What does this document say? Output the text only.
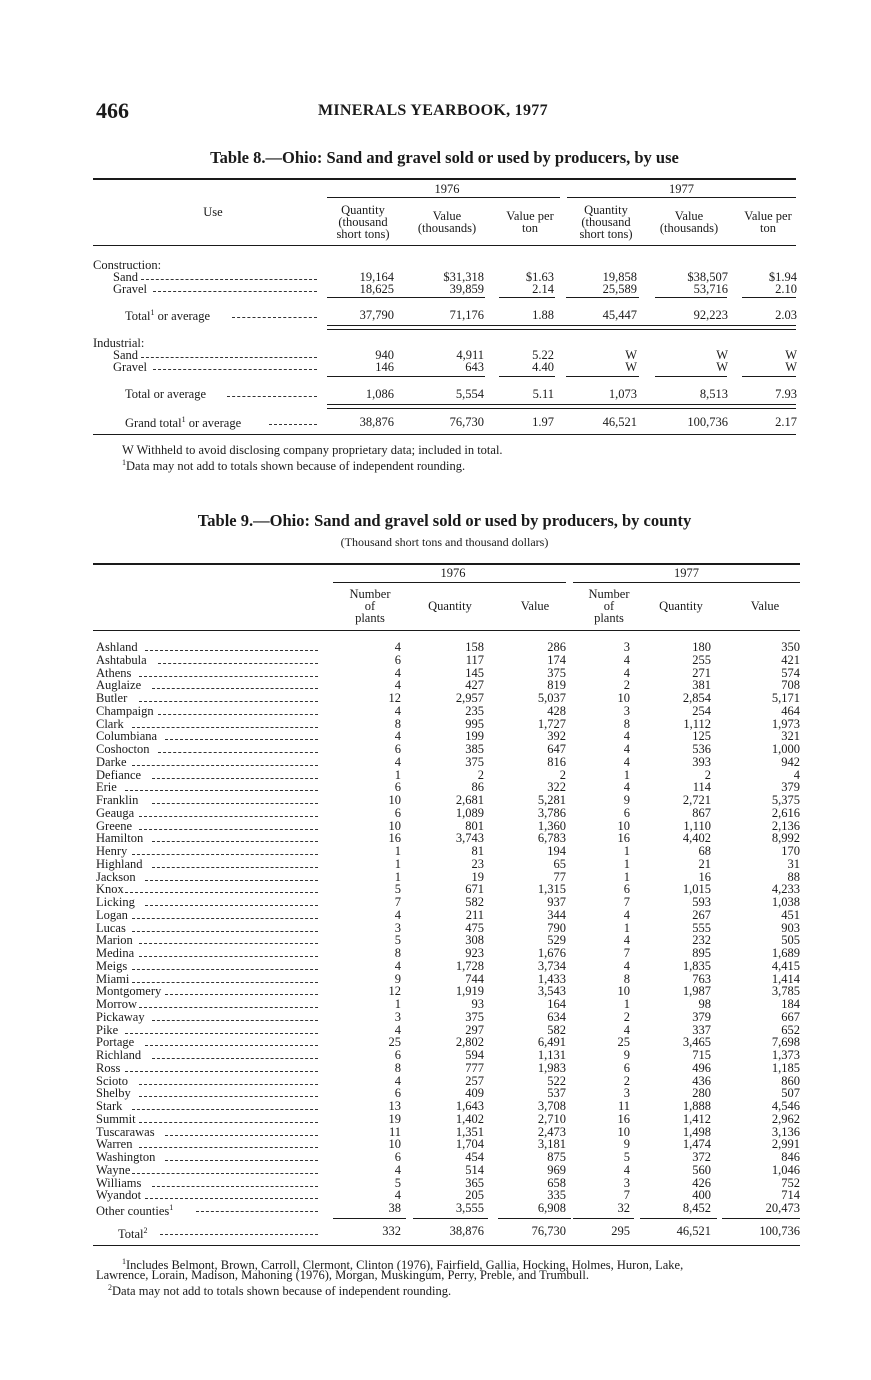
466	MINERALS YEARBOOK, 1977
Table 8.—Ohio: Sand and gravel sold or used by producers, by use
1976	1977
Use	Quantity
(thousand
short tons)
Value
(thousands)
Value per
ton
Quantity
(thousand
short tons)
Value
(thousands)
Value per
ton
Construction:
Sand	19,164	$31,318	$1.63	19,858	$38,507	$1.94
Gravel	18,625	39,859	2.14	25,589	53,716	2.10
Total$^1$ or average	37,790	71,176	1.88	45,447	92,223	2.03
Industrial:
Sand	940	4,911	5.22	W	W	W
Gravel	146	643	4.40	W	W	W
Total or average	1,086	5,554	5.11	1,073	8,513	7.93
Grand total$^1$ or average	38,876	76,730	1.97	46,521	100,736	2.17
W Withheld to avoid disclosing company proprietary data; included in total.
$^1$Data may not add to totals shown because of independent rounding.
Table 9.—Ohio: Sand and gravel sold or used by producers, by county
(Thousand short tons and thousand dollars)
1976	1977
Number
of
plants
Quantity	Value
Number
of
plants
Quantity	Value
Ashland	4	158	286	3	180	350
Ashtabula	6	117	174	4	255	421
Athens	4	145	375	4	271	574
Auglaize	4	427	819	2	381	708
Butler	12	2,957	5,037	10	2,854	5,171
Champaign	4	235	428	3	254	464
Clark	8	995	1,727	8	1,112	1,973
Columbiana	4	199	392	4	125	321
Coshocton	6	385	647	4	536	1,000
Darke	4	375	816	4	393	942
Defiance	1	2	2	1	2	4
Erie	6	86	322	4	114	379
Franklin	10	2,681	5,281	9	2,721	5,375
Geauga	6	1,089	3,786	6	867	2,616
Greene	10	801	1,360	10	1,110	2,136
Hamilton	16	3,743	6,783	16	4,402	8,992
Henry	1	81	194	1	68	170
Highland	1	23	65	1	21	31
Jackson	1	19	77	1	16	88
Knox	5	671	1,315	6	1,015	4,233
Licking	7	582	937	7	593	1,038
Logan	4	211	344	4	267	451
Lucas	3	475	790	1	555	903
Marion	5	308	529	4	232	505
Medina	8	923	1,676	7	895	1,689
Meigs	4	1,728	3,734	4	1,835	4,415
Miami	9	744	1,433	8	763	1,414
Montgomery	12	1,919	3,543	10	1,987	3,785
Morrow	1	93	164	1	98	184
Pickaway	3	375	634	2	379	667
Pike	4	297	582	4	337	652
Portage	25	2,802	6,491	25	3,465	7,698
Richland	6	594	1,131	9	715	1,373
Ross	8	777	1,983	6	496	1,185
Scioto	4	257	522	2	436	860
Shelby	6	409	537	3	280	507
Stark	13	1,643	3,708	11	1,888	4,546
Summit	19	1,402	2,710	16	1,412	2,962
Tuscarawas	11	1,351	2,473	10	1,498	3,136
Warren	10	1,704	3,181	9	1,474	2,991
Washington	6	454	875	5	372	846
Wayne	4	514	969	4	560	1,046
Williams	5	365	658	3	426	752
Wyandot	4	205	335	7	400	714
Other counties$^1$	38	3,555	6,908	32	8,452	20,473
Total$^2$	332	38,876	76,730	295	46,521	100,736
$^1$Includes Belmont, Brown, Carroll, Clermont, Clinton (1976), Fairfield, Gallia, Hocking, Holmes, Huron, Lake,
Lawrence, Lorain, Madison, Mahoning (1976), Morgan, Muskingum, Perry, Preble, and Trumbull.
$^2$Data may not add to totals shown because of independent rounding.
